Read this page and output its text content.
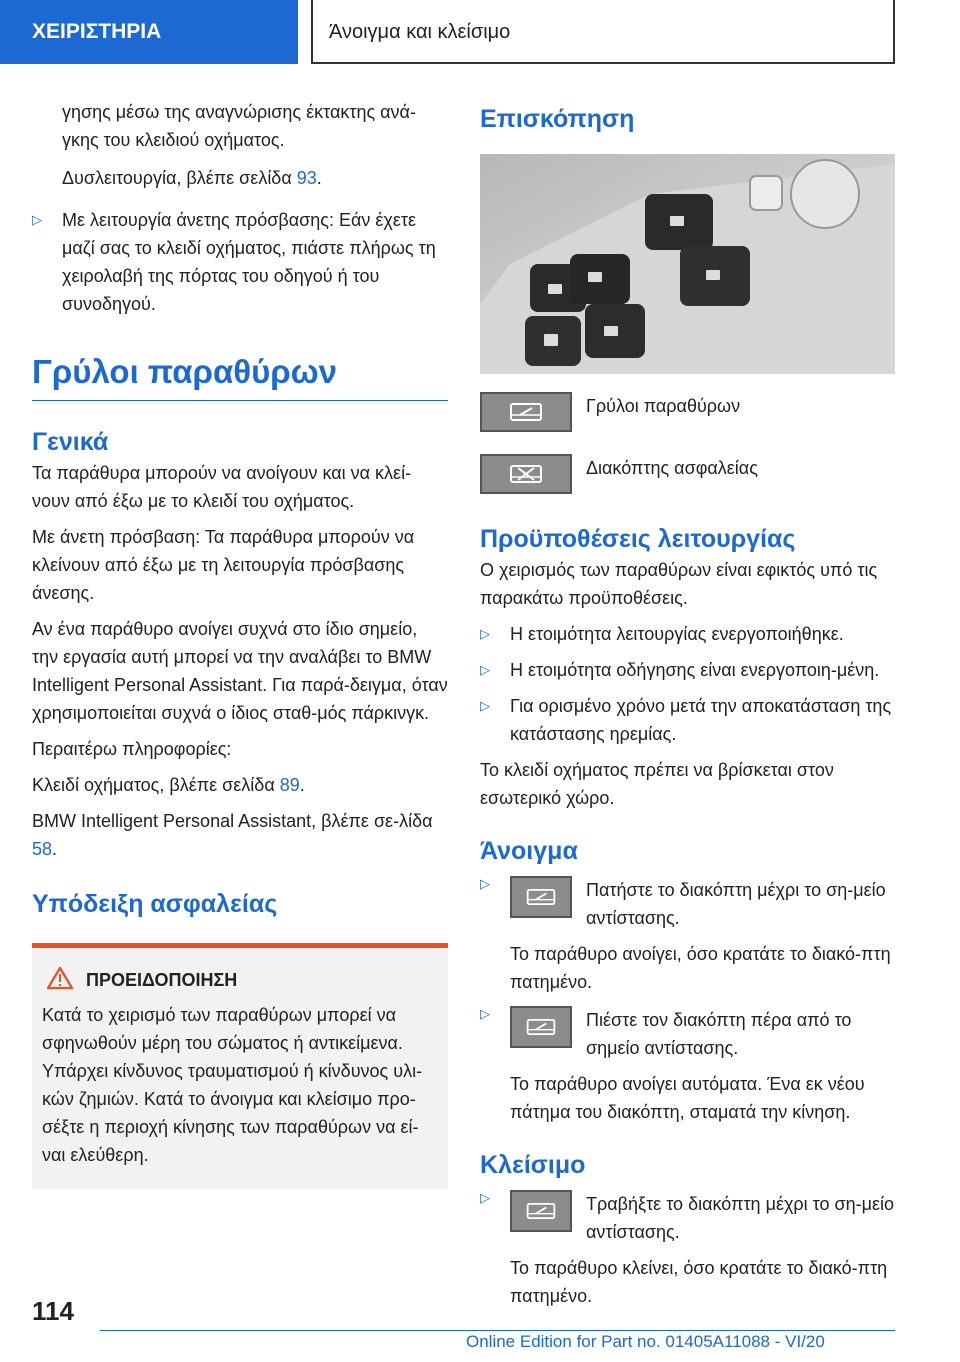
ΧΕΙΡΙΣΤΗΡΙΑ	Άνοιγμα και κλείσιμο

γησης μέσω της αναγνώρισης έκτακτης ανά-γκης του κλειδιού οχήματος.

Δυσλειτουργία, βλέπε σελίδα 93.

▷ Με λειτουργία άνετης πρόσβασης: Εάν έχετε μαζί σας το κλειδί οχήματος, πιάστε πλήρως τη χειρολαβή της πόρτας του οδηγού ή του συνοδηγού.

Γρύλοι παραθύρων
Γενικά

Τα παράθυρα μπορούν να ανοίγουν και να κλεί-νουν από έξω με το κλειδί του οχήματος.

Με άνετη πρόσβαση: Τα παράθυρα μπορούν να κλείνουν από έξω με τη λειτουργία πρόσβασης άνεσης.

Αν ένα παράθυρο ανοίγει συχνά στο ίδιο σημείο, την εργασία αυτή μπορεί να την αναλάβει το BMW Intelligent Personal Assistant. Για παρά-δειγμα, όταν χρησιμοποιείται συχνά ο ίδιος σταθ-μός πάρκινγκ.

Περαιτέρω πληροφορίες:

Κλειδί οχήματος, βλέπε σελίδα 89.

BMW Intelligent Personal Assistant, βλέπε σε-λίδα 58.

Υπόδειξη ασφαλείας
ΠΡΟΕΙΔΟΠΟΙΗΣΗ

Κατά το χειρισμό των παραθύρων μπορεί να σφηνωθούν μέρη του σώματος ή αντικείμενα. Υπάρχει κίνδυνος τραυματισμού ή κίνδυνος υλι-κών ζημιών. Κατά το άνοιγμα και κλείσιμο προ-σέξτε η περιοχή κίνησης των παραθύρων να εί-ναι ελεύθερη.

Επισκόπηση

Γρύλοι παραθύρων

Διακόπτης ασφαλείας

Προϋποθέσεις λειτουργίας

Ο χειρισμός των παραθύρων είναι εφικτός υπό τις παρακάτω προϋποθέσεις.

▷ Η ετοιμότητα λειτουργίας ενεργοποιήθηκε.

▷ Η ετοιμότητα οδήγησης είναι ενεργοποιη-μένη.

▷ Για ορισμένο χρόνο μετά την αποκατάσταση της κατάστασης ηρεμίας.

Το κλειδί οχήματος πρέπει να βρίσκεται στον εσωτερικό χώρο.

Άνοιγμα

▷ Πατήστε το διακόπτη μέχρι το ση-μείο αντίστασης.

Το παράθυρο ανοίγει, όσο κρατάτε το διακό-πτη πατημένο.

▷ Πιέστε τον διακόπτη πέρα από το σημείο αντίστασης.

Το παράθυρο ανοίγει αυτόματα. Ένα εκ νέου πάτημα του διακόπτη, σταματά την κίνηση.

Κλείσιμο

▷ Τραβήξτε το διακόπτη μέχρι το ση-μείο αντίστασης.

Το παράθυρο κλείνει, όσο κρατάτε το διακό-πτη πατημένο.

114
Online Edition for Part no. 01405A11088 - VI/20
